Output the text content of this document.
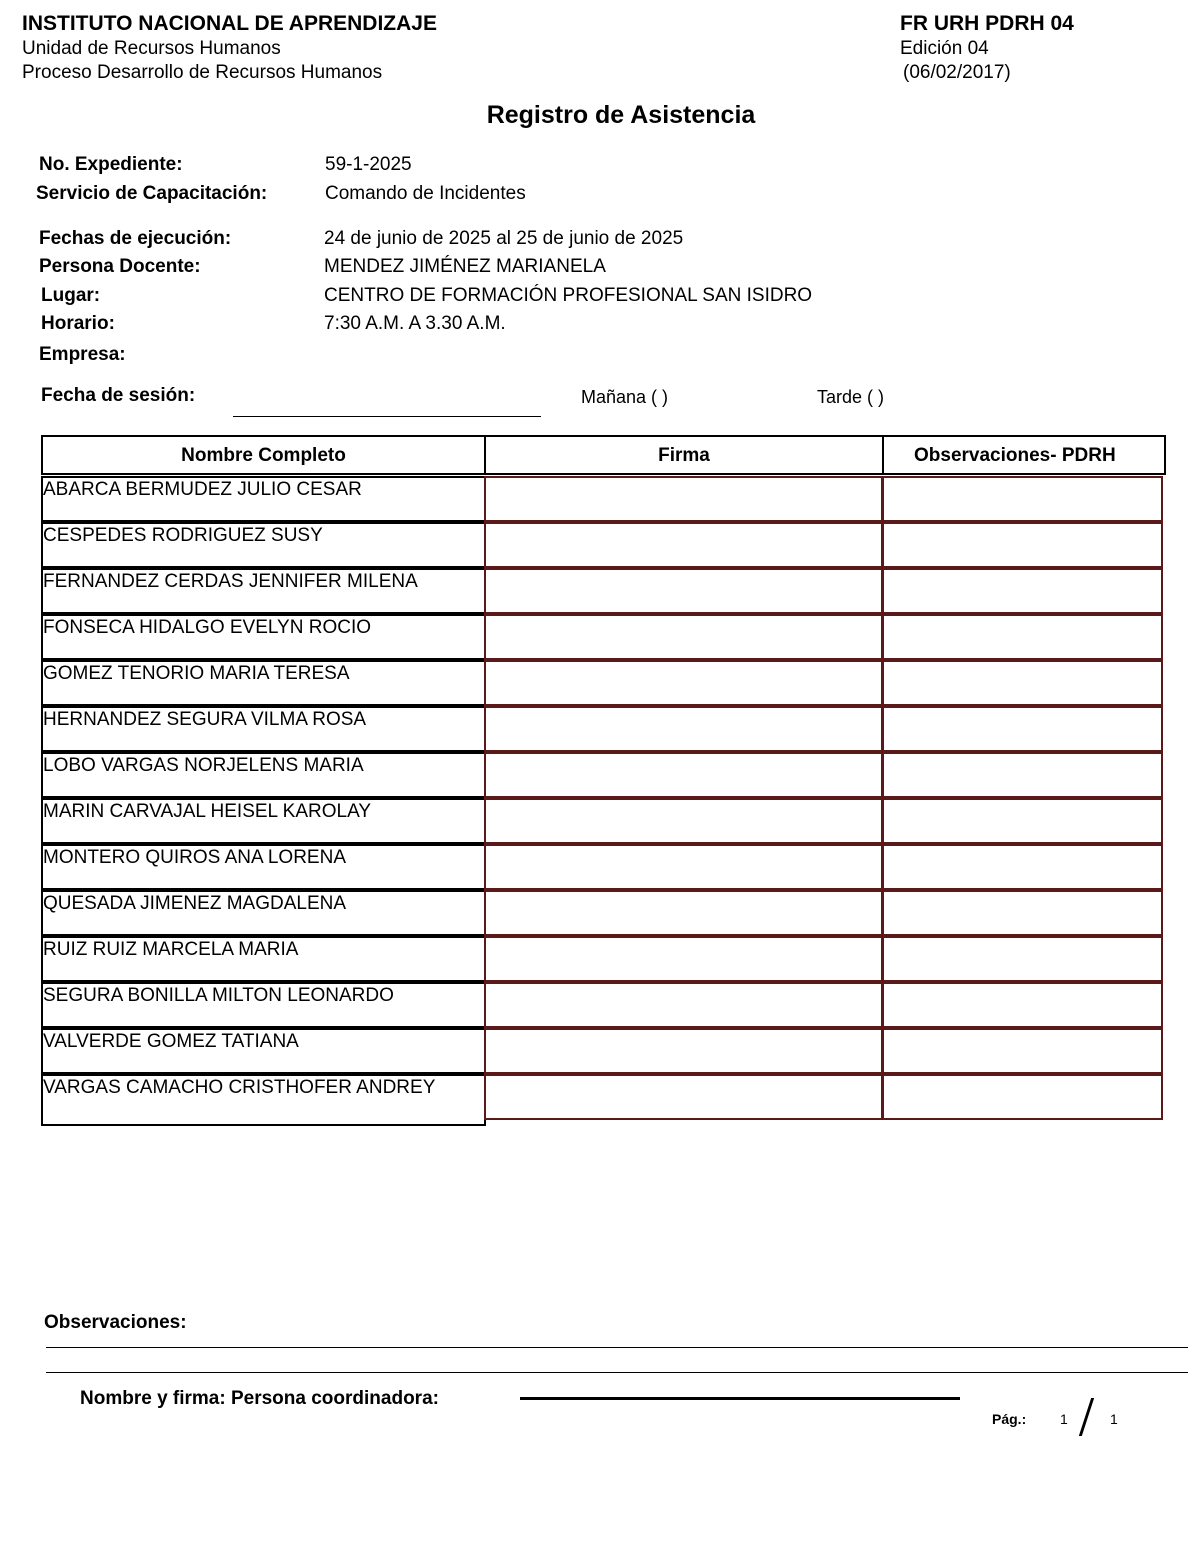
INSTITUTO NACIONAL DE APRENDIZAJE
Unidad de Recursos Humanos
Proceso Desarrollo de Recursos Humanos
FR URH PDRH 04
Edición 04
(06/02/2017)
Registro de Asistencia
No. Expediente:	59-1-2025
Servicio de Capacitación:	Comando de Incidentes
Fechas de ejecución:	24 de junio de 2025 al 25 de junio de 2025
Persona Docente:	MENDEZ JIMÉNEZ MARIANELA
Lugar:	CENTRO DE FORMACIÓN PROFESIONAL SAN ISIDRO
Horario:	7:30 A.M. A 3.30 A.M.
Empresa:
Fecha de sesión:	Mañana ( )	Tarde ( )
Nombre Completo	Firma	Observaciones- PDRH
ABARCA BERMUDEZ JULIO CESAR
CESPEDES RODRIGUEZ SUSY
FERNANDEZ CERDAS JENNIFER MILENA
FONSECA HIDALGO EVELYN ROCIO
GOMEZ TENORIO MARIA TERESA
HERNANDEZ SEGURA VILMA ROSA
LOBO VARGAS NORJELENS MARIA
MARIN CARVAJAL HEISEL KAROLAY
MONTERO QUIROS ANA LORENA
QUESADA JIMENEZ MAGDALENA
RUIZ RUIZ MARCELA MARIA
SEGURA BONILLA MILTON LEONARDO
VALVERDE GOMEZ TATIANA
VARGAS CAMACHO CRISTHOFER ANDREY
Observaciones:
Nombre y firma: Persona coordinadora:
Pág.: 1	1
